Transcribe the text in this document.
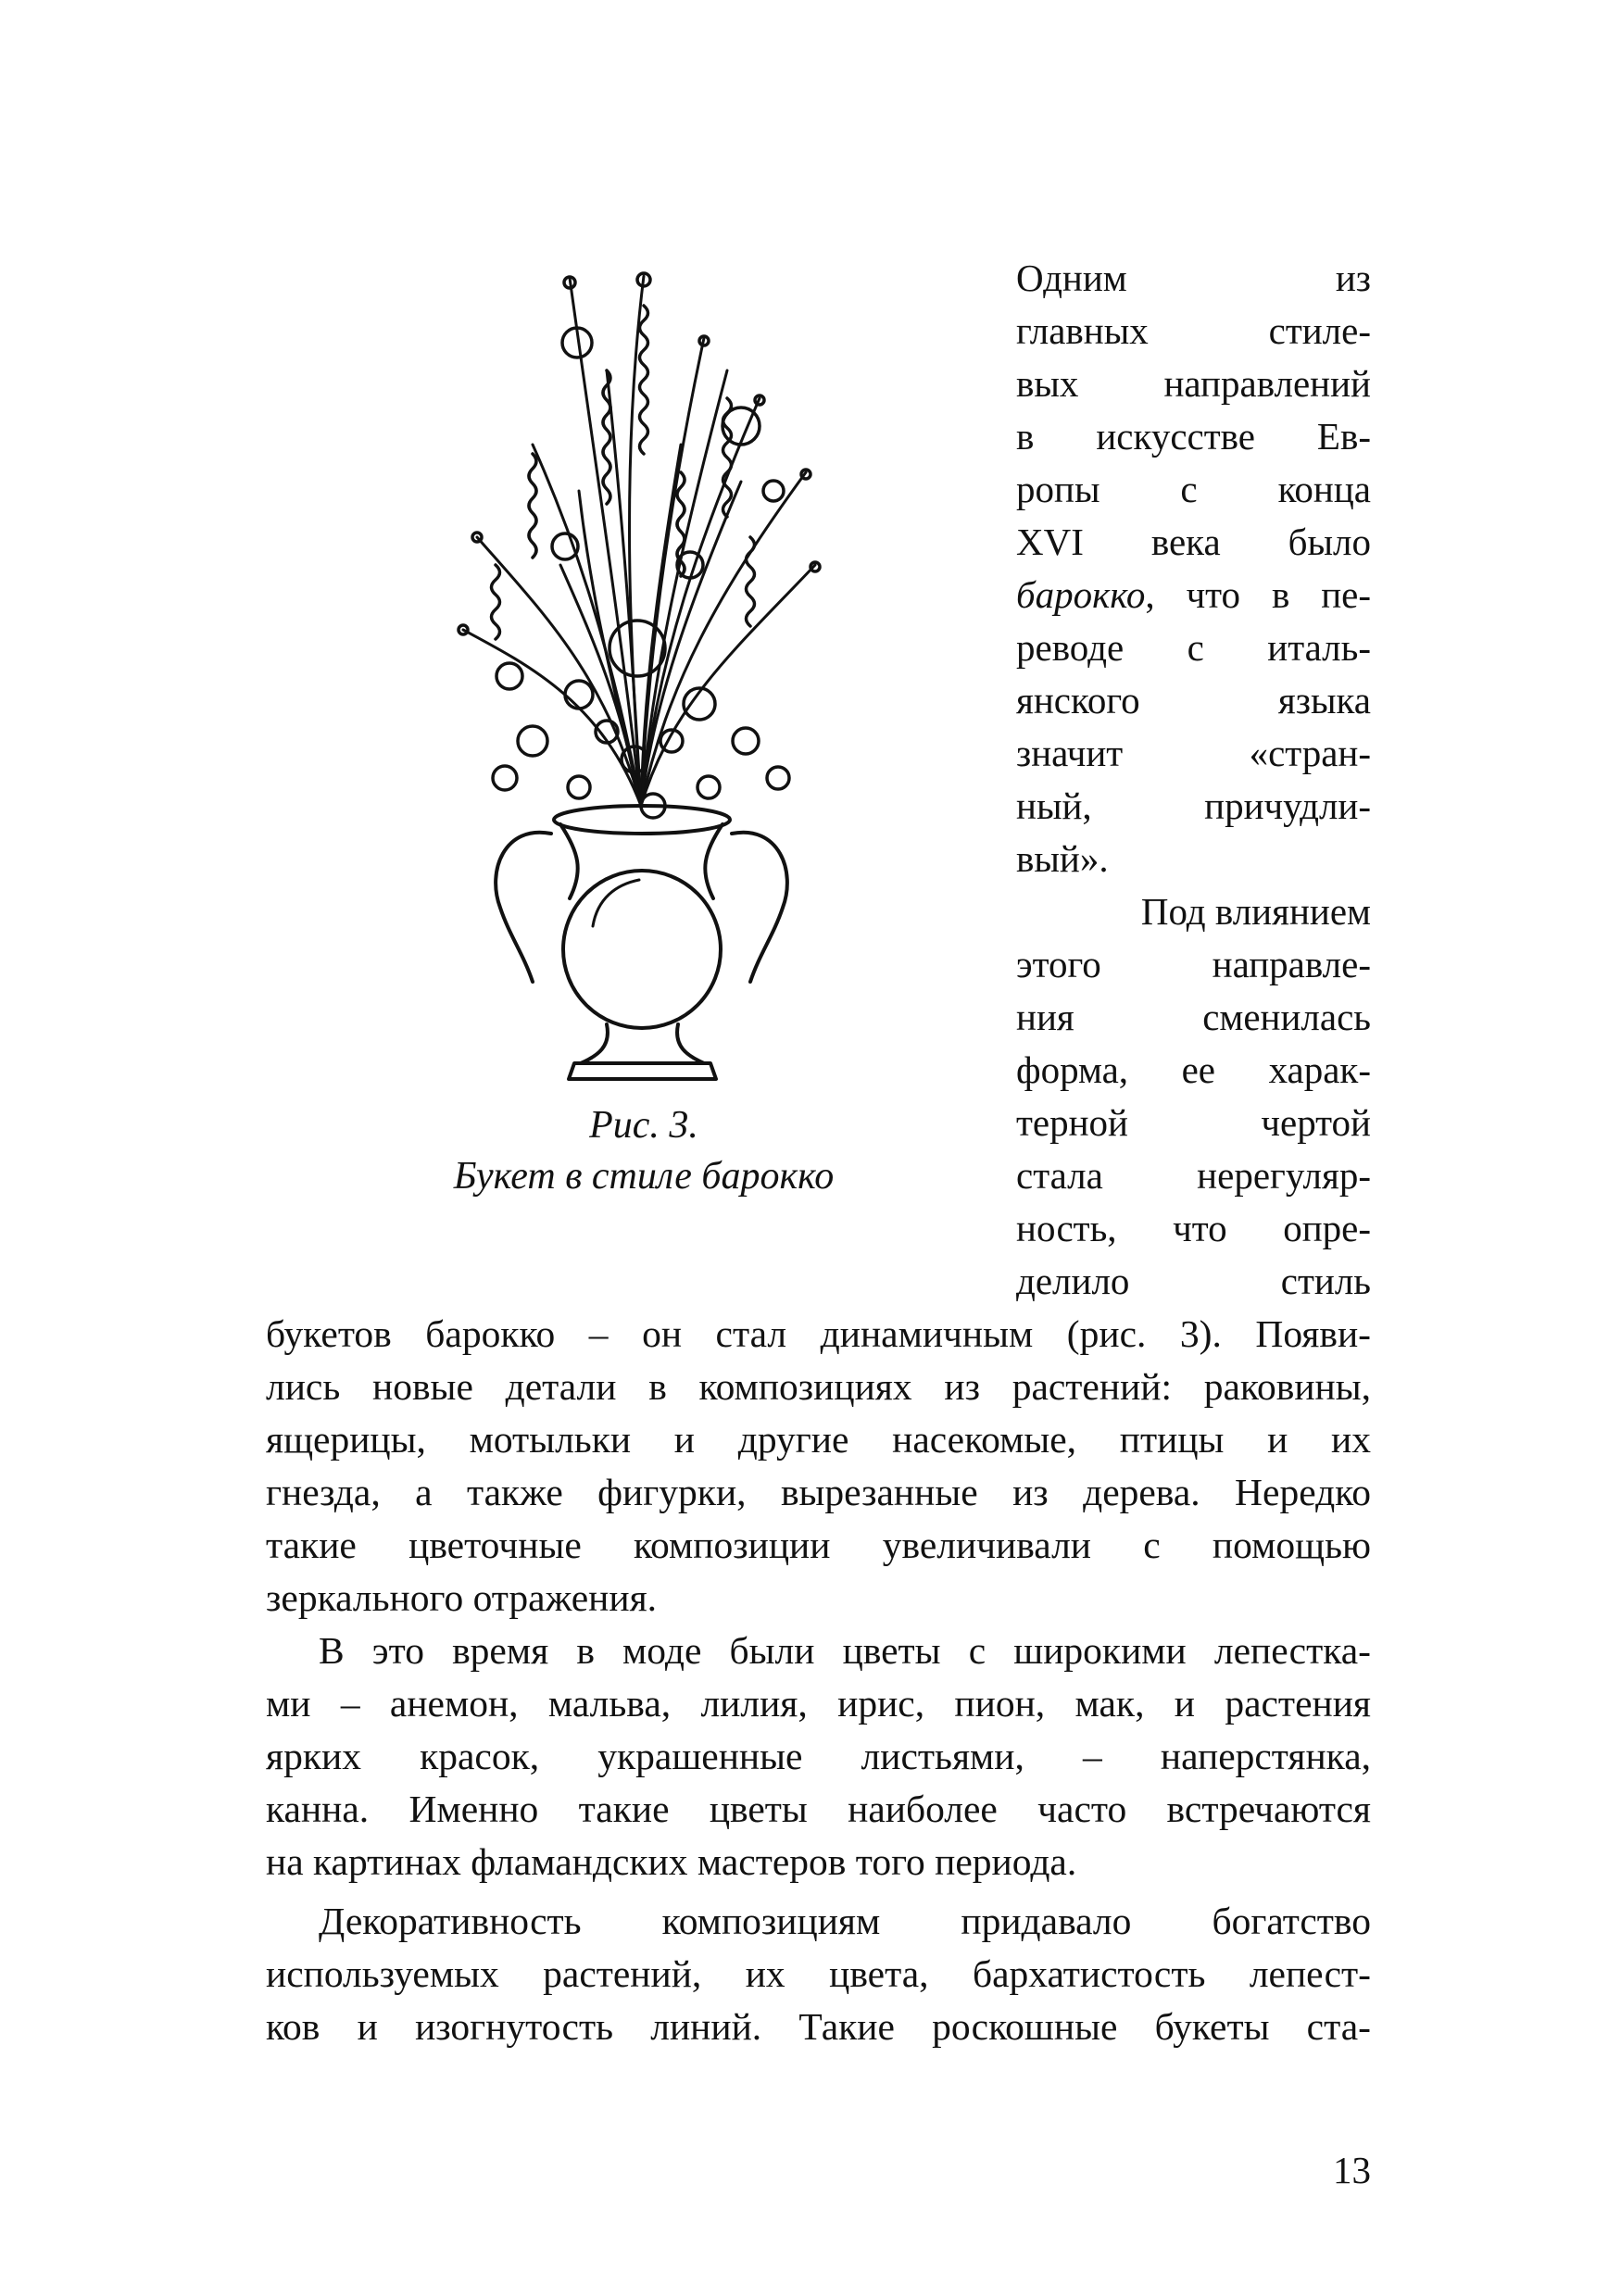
Рис. 3.
Букет в стиле барокко
Одним из
главных стиле-
вых направлений
в искусстве Ев-
ропы с конца
XVI века было
барокко, что в пе-
реводе с италь-
янского языка
значит «стран-
ный, причудли-
вый».
Под влиянием
этого направле-
ния сменилась
форма, ее харак-
терной чертой
стала нерегуляр-
ность, что опре-
делило стиль
букетов барокко – он стал динамичным (рис. 3). Появи-
лись новые детали в композициях из растений: раковины,
ящерицы, мотыльки и другие насекомые, птицы и их
гнезда, а также фигурки, вырезанные из дерева. Нередко
такие цветочные композиции увеличивали с помощью
зеркального отражения.
В это время в моде были цветы с широкими лепестка-
ми – анемон, мальва, лилия, ирис, пион, мак, и растения
ярких красок, украшенные листьями, – наперстянка,
канна. Именно такие цветы наиболее часто встречаются
на картинах фламандских мастеров того периода.
Декоративность композициям придавало богатство
используемых растений, их цвета, бархатистость лепест-
ков и изогнутость линий. Такие роскошные букеты ста-
13
